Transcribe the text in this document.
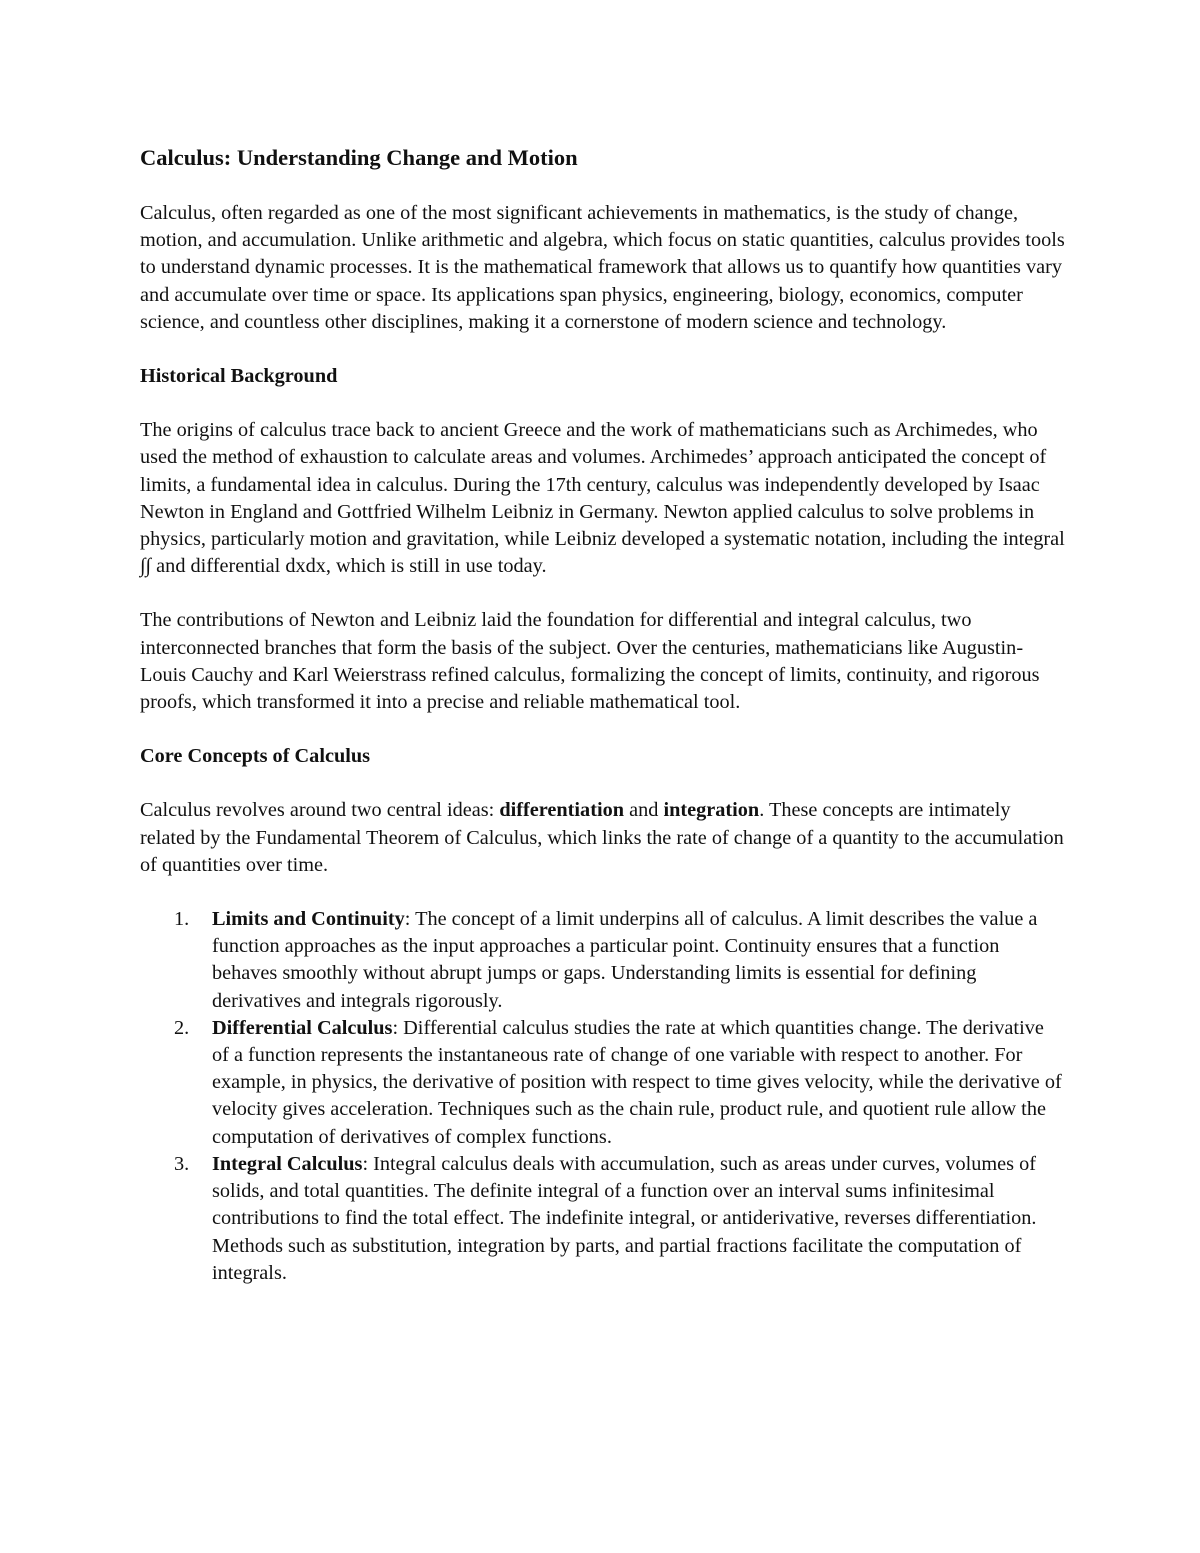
Calculus: Understanding Change and Motion

Calculus, often regarded as one of the most significant achievements in mathematics, is the study of change, motion, and accumulation. Unlike arithmetic and algebra, which focus on static quantities, calculus provides tools to understand dynamic processes. It is the mathematical framework that allows us to quantify how quantities vary and accumulate over time or space. Its applications span physics, engineering, biology, economics, computer science, and countless other disciplines, making it a cornerstone of modern science and technology.

Historical Background

The origins of calculus trace back to ancient Greece and the work of mathematicians such as Archimedes, who used the method of exhaustion to calculate areas and volumes. Archimedes’ approach anticipated the concept of limits, a fundamental idea in calculus. During the 17th century, calculus was independently developed by Isaac Newton in England and Gottfried Wilhelm Leibniz in Germany. Newton applied calculus to solve problems in physics, particularly motion and gravitation, while Leibniz developed a systematic notation, including the integral ∫∫ and differential dxdx, which is still in use today.

The contributions of Newton and Leibniz laid the foundation for differential and integral calculus, two interconnected branches that form the basis of the subject. Over the centuries, mathematicians like Augustin-Louis Cauchy and Karl Weierstrass refined calculus, formalizing the concept of limits, continuity, and rigorous proofs, which transformed it into a precise and reliable mathematical tool.

Core Concepts of Calculus

Calculus revolves around two central ideas: differentiation and integration. These concepts are intimately related by the Fundamental Theorem of Calculus, which links the rate of change of a quantity to the accumulation of quantities over time.

1. Limits and Continuity: The concept of a limit underpins all of calculus. A limit describes the value a function approaches as the input approaches a particular point. Continuity ensures that a function behaves smoothly without abrupt jumps or gaps. Understanding limits is essential for defining derivatives and integrals rigorously.
2. Differential Calculus: Differential calculus studies the rate at which quantities change. The derivative of a function represents the instantaneous rate of change of one variable with respect to another. For example, in physics, the derivative of position with respect to time gives velocity, while the derivative of velocity gives acceleration. Techniques such as the chain rule, product rule, and quotient rule allow the computation of derivatives of complex functions.
3. Integral Calculus: Integral calculus deals with accumulation, such as areas under curves, volumes of solids, and total quantities. The definite integral of a function over an interval sums infinitesimal contributions to find the total effect. The indefinite integral, or antiderivative, reverses differentiation. Methods such as substitution, integration by parts, and partial fractions facilitate the computation of integrals.
